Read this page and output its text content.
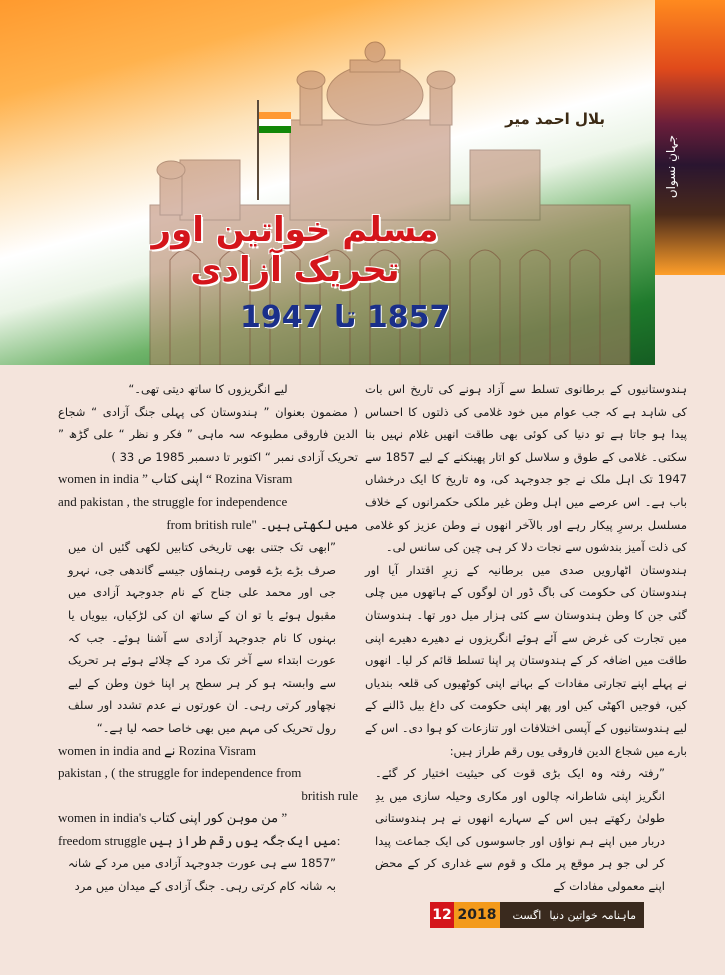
جہانِ نسواں
بلال احمد میر
مسلم خواتین اور تحریک آزادی
1857 تا 1947

ہندوستانیوں کے برطانوی تسلط سے آزاد ہونے کی تاریخ اس بات کی شاہد ہے کہ جب عوام میں خود غلامی کی ذلتوں کا احساس پیدا ہو جاتا ہے تو دنیا کی کوئی بھی طاقت انھیں غلام نہیں بنا سکتی۔ غلامی کے طوق و سلاسل کو اتار پھینکنے کے لیے 1857 سے 1947 تک اہل ملک نے جو جدوجہد کی، وہ تاریخ کا ایک درخشاں باب ہے۔ اس عرصے میں اہل وطن غیر ملکی حکمرانوں کے خلاف مسلسل برسرِ پیکار رہے اور بالآخر انھوں نے وطن عزیز کو غلامی کی ذلت آمیز بندشوں سے نجات دلا کر ہی چین کی سانس لی۔

ہندوستان اٹھارویں صدی میں برطانیہ کے زیرِ اقتدار آیا اور ہندوستان کی حکومت کی باگ ڈور ان لوگوں کے ہاتھوں میں چلی گئی جن کا وطن ہندوستان سے کئی ہزار میل دور تھا۔ ہندوستان میں تجارت کی غرض سے آئے ہوئے انگریزوں نے دھیرے دھیرے اپنی طاقت میں اضافہ کر کے ہندوستان پر اپنا تسلط قائم کر لیا۔ انھوں نے پہلے اپنے تجارتی مفادات کے بہانے اپنی کوٹھیوں کی قلعہ بندیاں کیں، فوجیں اکھٹی کیں اور پھر اپنی حکومت کی داغ بیل ڈالنے کے لیے ہندوستانیوں کے آپسی اختلافات اور تنازعات کو ہوا دی۔ اس کے بارے میں شجاع الدین فاروقی یوں رقم طراز ہیں:

”رفتہ رفتہ وہ ایک بڑی قوت کی حیثیت اختیار کر گئے۔ انگریز اپنی شاطرانہ چالوں اور مکاری وحیلہ سازی میں یدِ طولیٰ رکھتے ہیں اس کے سہارے انھوں نے ہر ہندوستانی دربار میں اپنے ہم نواؤں اور جاسوسوں کی ایک جماعت پیدا کر لی جو ہر موقع پر ملک و قوم سے غداری کر کے محض اپنے معمولی مفادات کے

لیے انگریزوں کا ساتھ دیتی تھی۔“

( مضمون بعنوان ” ہندوستان کی پہلی جنگ آزادی “ شجاع الدین فاروقی مطبوعہ سہ ماہی ” فکر و نظر “ علی گڑھ ” تحریک آزادی نمبر “ اکتوبر تا دسمبر 1985 ص 33 )

women in india ” اپنی کتاب “ Rozina Visram

and pakistan , the struggle for independence

from british rule" میں لکھتی ہیں۔

”ابھی تک جتنی بھی تاریخی کتابیں لکھی گئیں ان میں صرف بڑے بڑے قومی رہنماؤں جیسے گاندھی جی، نہرو جی اور محمد علی جناح کے نام جدوجہد آزادی میں مقبول ہوئے یا تو ان کے ساتھ ان کی لڑکیاں، بیویاں یا بہنوں کا نام جدوجہد آزادی سے آشنا ہوئے۔ جب کہ عورت ابتداء سے آخر تک مرد کے چلائے ہوئے ہر تحریک سے وابستہ ہو کر ہر سطح پر اپنا خون وطن کے لیے نچھاور کرتی رہی۔ ان عورتوں نے عدم تشدد اور سلف رول تحریک کی مہم میں بھی خاصا حصہ لیا ہے۔“

women in india and نے Rozina Visram

pakistan , ( the struggle for independence from

british rule

women in india's من موہن کور اپنی کتاب ”

freedom struggle میں ایک جگہ یوں رقم طراز ہیں:

”1857 سے ہی عورت جدوجہد آزادی میں مرد کے شانہ بہ شانہ کام کرتی رہی۔ جنگ آزادی کے میدان میں مرد

12 2018	ماہنامہ خواتین دنیا
اگست
